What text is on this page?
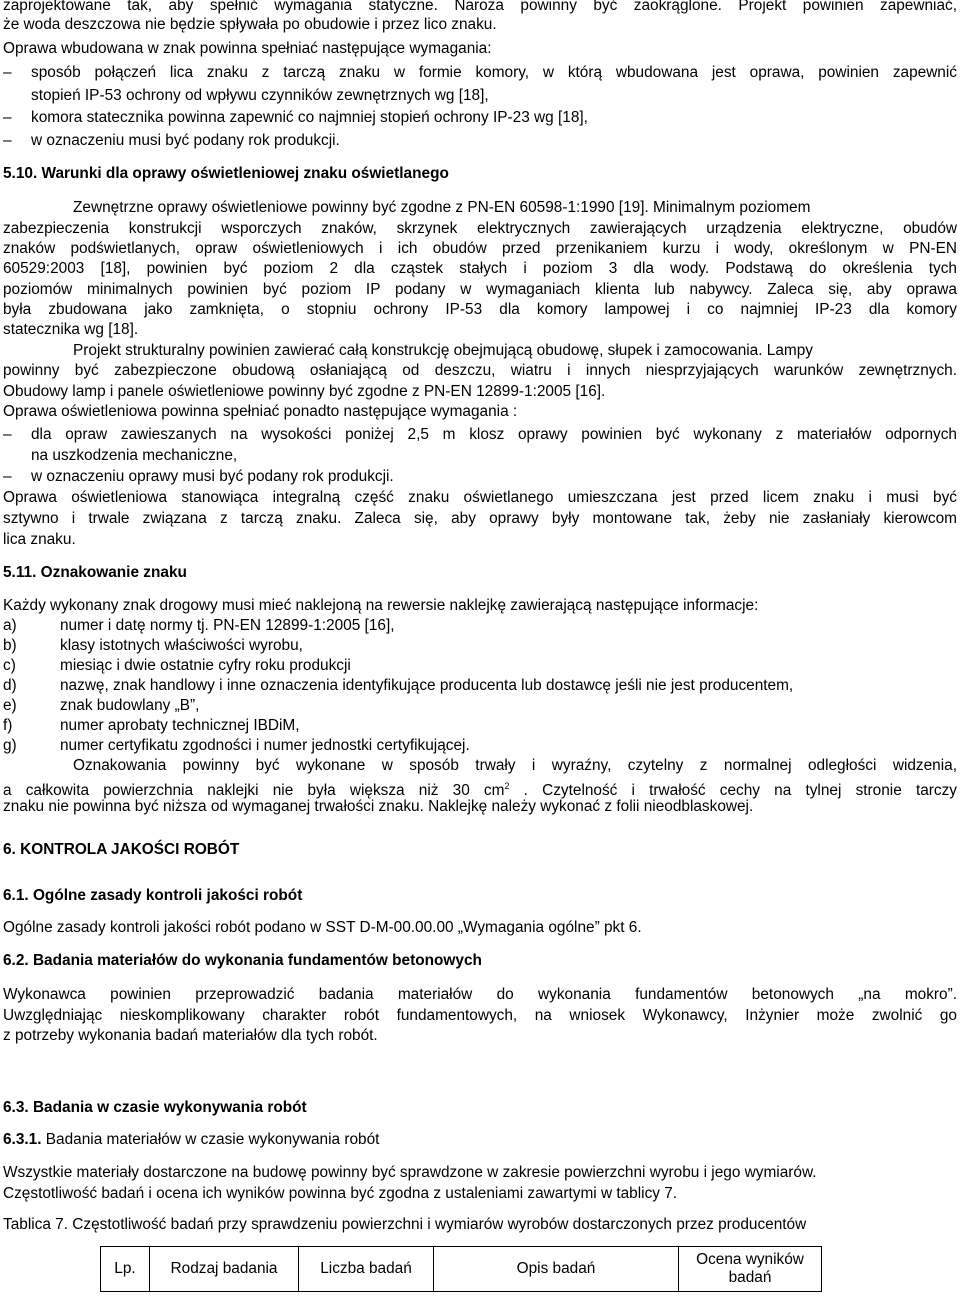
zaprojektowane tak, aby spełnić wymagania statyczne. Naroża powinny być zaokrąglone. Projekt powinien zapewniać,
że woda deszczowa nie będzie spływała po obudowie i przez lico znaku.
Oprawa wbudowana w znak powinna spełniać następujące wymagania:
– sposób połączeń lica znaku z tarczą znaku w formie komory, w którą wbudowana jest oprawa, powinien zapewnić
stopień IP-53 ochrony od wpływu czynników zewnętrznych wg [18],
– komora statecznika powinna zapewnić co najmniej stopień ochrony IP-23 wg [18],
– w oznaczeniu musi być podany rok produkcji.
5.10. Warunki dla oprawy oświetleniowej znaku oświetlanego
Zewnętrzne oprawy oświetleniowe powinny być zgodne z PN-EN 60598-1:1990 [19]. Minimalnym poziomem
zabezpieczenia konstrukcji wsporczych znaków, skrzynek elektrycznych zawierających urządzenia elektryczne, obudów
znaków podświetlanych, opraw oświetleniowych i ich obudów przed przenikaniem kurzu i wody, określonym w PN-EN
60529:2003 [18], powinien być poziom 2 dla cząstek stałych i poziom 3 dla wody. Podstawą do określenia tych
poziomów minimalnych powinien być poziom IP podany w wymaganiach klienta lub nabywcy. Zaleca się, aby oprawa
była zbudowana jako zamknięta, o stopniu ochrony IP-53 dla komory lampowej i co najmniej IP-23 dla komory
statecznika wg [18].
Projekt strukturalny powinien zawierać całą konstrukcję obejmującą obudowę, słupek i zamocowania. Lampy
powinny być zabezpieczone obudową osłaniającą od deszczu, wiatru i innych niesprzyjających warunków zewnętrznych.
Obudowy lamp i panele oświetleniowe powinny być zgodne z PN-EN 12899-1:2005 [16].
Oprawa oświetleniowa powinna spełniać ponadto następujące wymagania :
– dla opraw zawieszanych na wysokości poniżej 2,5 m klosz oprawy powinien być wykonany z materiałów odpornych
na uszkodzenia mechaniczne,
– w oznaczeniu oprawy musi być podany rok produkcji.
Oprawa oświetleniowa stanowiąca integralną część znaku oświetlanego umieszczana jest przed licem znaku i musi być
sztywno i trwale związana z tarczą znaku. Zaleca się, aby oprawy były montowane tak, żeby nie zasłaniały kierowcom
lica znaku.
5.11. Oznakowanie znaku
Każdy wykonany znak drogowy musi mieć naklejoną na rewersie naklejkę zawierającą następujące informacje:
a)	numer i datę normy tj. PN-EN 12899-1:2005 [16],
b)	klasy istotnych właściwości wyrobu,
c)	miesiąc i dwie ostatnie cyfry roku produkcji
d)	nazwę, znak handlowy i inne oznaczenia identyfikujące producenta lub dostawcę jeśli nie jest producentem,
e)	znak budowlany „B”,
f)	numer aprobaty technicznej IBDiM,
g)	numer certyfikatu zgodności i numer jednostki certyfikującej.
Oznakowania powinny być wykonane w sposób trwały i wyraźny, czytelny z normalnej odległości widzenia,
a całkowita powierzchnia naklejki nie była większa niż 30 $cm^2$ . Czytelność i trwałość cechy na tylnej stronie tarczy
znaku nie powinna być niższa od wymaganej trwałości znaku. Naklejkę należy wykonać z folii nieodblaskowej.
6. KONTROLA JAKOŚCI ROBÓT
6.1. Ogólne zasady kontroli jakości robót
Ogólne zasady kontroli jakości robót podano w SST D-M-00.00.00 „Wymagania ogólne” pkt 6.
6.2. Badania materiałów do wykonania fundamentów betonowych
Wykonawca powinien przeprowadzić badania materiałów do wykonania fundamentów betonowych „na mokro”.
Uwzględniając nieskomplikowany charakter robót fundamentowych, na wniosek Wykonawcy, Inżynier może zwolnić go
z potrzeby wykonania badań materiałów dla tych robót.
6.3. Badania w czasie wykonywania robót
6.3.1. Badania materiałów w czasie wykonywania robót
Wszystkie materiały dostarczone na budowę powinny być sprawdzone w zakresie powierzchni wyrobu i jego wymiarów.
Częstotliwość badań i ocena ich wyników powinna być zgodna z ustaleniami zawartymi w tablicy 7.
Tablica 7. Częstotliwość badań przy sprawdzeniu powierzchni i wymiarów wyrobów dostarczonych przez producentów
Lp.	Rodzaj badania	Liczba badań	Opis badań	Ocena wyników badań
